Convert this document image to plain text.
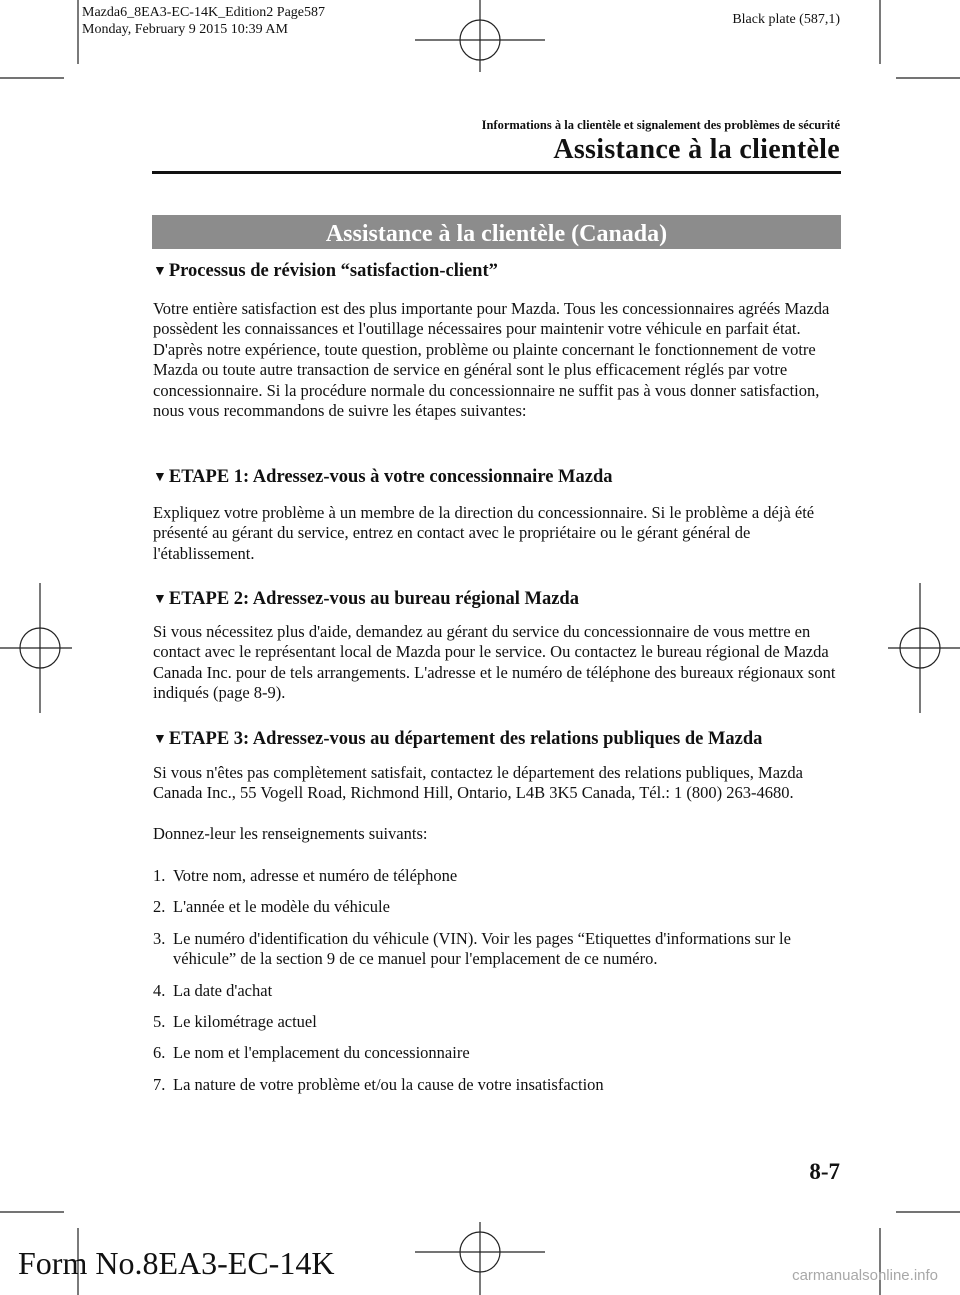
Mazda6_8EA3-EC-14K_Edition2 Page587
Monday, February 9 2015 10:39 AM
Black plate (587,1)
Informations à la clientèle et signalement des problèmes de sécurité
Assistance à la clientèle
Assistance à la clientèle (Canada)
▼ Processus de révision “satisfaction-client”
Votre entière satisfaction est des plus importante pour Mazda. Tous les concessionnaires agréés Mazda possèdent les connaissances et l'outillage nécessaires pour maintenir votre véhicule en parfait état. D'après notre expérience, toute question, problème ou plainte concernant le fonctionnement de votre Mazda ou toute autre transaction de service en général sont le plus efficacement réglés par votre concessionnaire. Si la procédure normale du concessionnaire ne suffit pas à vous donner satisfaction, nous vous recommandons de suivre les étapes suivantes:
▼ ETAPE 1: Adressez-vous à votre concessionnaire Mazda
Expliquez votre problème à un membre de la direction du concessionnaire. Si le problème a déjà été présenté au gérant du service, entrez en contact avec le propriétaire ou le gérant général de l'établissement.
▼ ETAPE 2: Adressez-vous au bureau régional Mazda
Si vous nécessitez plus d'aide, demandez au gérant du service du concessionnaire de vous mettre en contact avec le représentant local de Mazda pour le service. Ou contactez le bureau régional de Mazda Canada Inc. pour de tels arrangements. L'adresse et le numéro de téléphone des bureaux régionaux sont indiqués (page 8-9).
▼ ETAPE 3: Adressez-vous au département des relations publiques de Mazda
Si vous n'êtes pas complètement satisfait, contactez le département des relations publiques, Mazda Canada Inc., 55 Vogell Road, Richmond Hill, Ontario, L4B 3K5 Canada, Tél.: 1 (800) 263-4680.
Donnez-leur les renseignements suivants:
1. Votre nom, adresse et numéro de téléphone
2. L'année et le modèle du véhicule
3. Le numéro d'identification du véhicule (VIN). Voir les pages “Etiquettes d'informations sur le véhicule” de la section 9 de ce manuel pour l'emplacement de ce numéro.
4. La date d'achat
5. Le kilométrage actuel
6. Le nom et l'emplacement du concessionnaire
7. La nature de votre problème et/ou la cause de votre insatisfaction
8-7
Form No.8EA3-EC-14K	carmanualsonline.info
